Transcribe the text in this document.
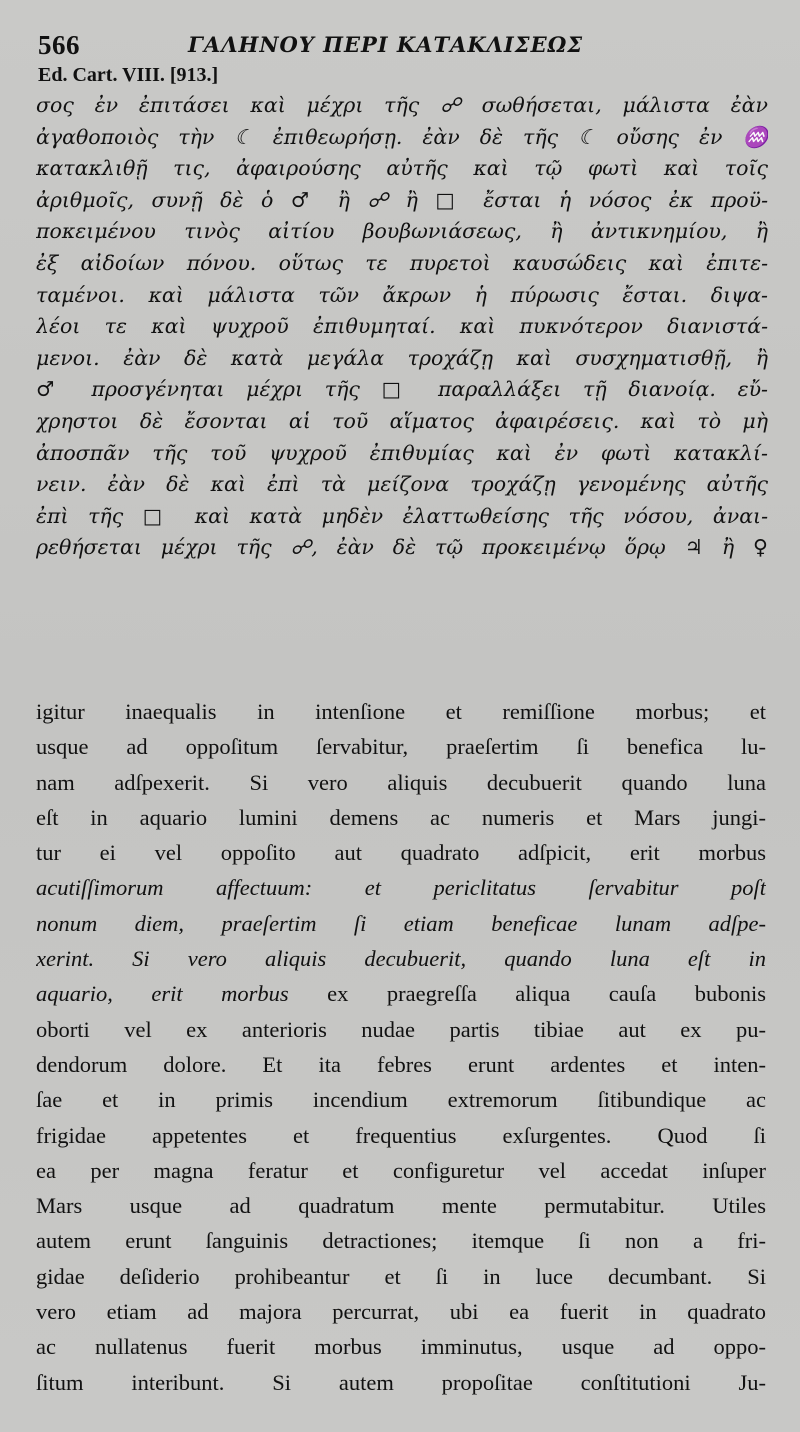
566	ΓΑΛΗΝΟΥ ΠΕΡΙ ΚΑΤΑΚΛΙΣΕΩΣ
Ed. Cart. VIII. [913.]
σος ἐν ἐπιτάσει καὶ μέχρι τῆς ☍ σωθήσεται, μάλιστα ἐὰν
ἀγαθοποιὸς τὴν ☾ ἐπιθεωρήσῃ. ἐὰν δὲ τῆς ☾ οὔσης ἐν ♒
κατακλιθῇ τις, ἀφαιρούσης αὐτῆς καὶ τῷ φωτὶ καὶ τοῖς
ἀριθμοῖς, συνῇ δὲ ὁ ♂ ἢ ☍ ἢ □ ἔσται ἡ νόσος ἐκ προϋ-
ποκειμένου τινὸς αἰτίου βουβωνιάσεως, ἢ ἀντικνημίου, ἢ
ἐξ αἰδοίων πόνου. οὕτως τε πυρετοὶ καυσώδεις καὶ ἐπιτε-
ταμένοι. καὶ μάλιστα τῶν ἄκρων ἡ πύρωσις ἔσται. διψα-
λέοι τε καὶ ψυχροῦ ἐπιθυμηταί. καὶ πυκνότερον διανιστά-
μενοι. ἐὰν δὲ κατὰ μεγάλα τροχάζῃ καὶ συσχηματισθῇ, ἢ
♂ προσγένηται μέχρι τῆς □ παραλλάξει τῇ διανοίᾳ. εὔ-
χρηστοι δὲ ἔσονται αἱ τοῦ αἵματος ἀφαιρέσεις. καὶ τὸ μὴ
ἀποσπᾶν τῆς τοῦ ψυχροῦ ἐπιθυμίας καὶ ἐν φωτὶ κατακλί-
νειν. ἐὰν δὲ καὶ ἐπὶ τὰ μείζονα τροχάζῃ γενομένης αὐτῆς
ἐπὶ τῆς □ καὶ κατὰ μηδὲν ἐλαττωθείσης τῆς νόσου, ἀναι-
ρεθήσεται μέχρι τῆς ☍, ἐὰν δὲ τῷ προκειμένῳ ὅρῳ ♃ ἢ ♀
igitur inaequalis in intenſione et remiſſione morbus; et
usque ad oppoſitum ſervabitur, praeſertim ſi benefica lu-
nam adſpexerit. Si vero aliquis decubuerit quando luna
eſt in aquario lumini demens ac numeris et Mars jungi-
tur ei vel oppoſito aut quadrato adſpicit, erit morbus
acutiſſimorum affectuum: et periclitatus ſervabitur poſt
nonum diem, praeſertim ſi etiam beneficae lunam adſpe-
xerint. Si vero aliquis decubuerit, quando luna eſt in
aquario, erit morbus ex praegreſſa aliqua cauſa bubonis
oborti vel ex anterioris nudae partis tibiae aut ex pu-
dendorum dolore. Et ita febres erunt ardentes et inten-
ſae et in primis incendium extremorum ſitibundique ac
frigidae appetentes et frequentius exſurgentes. Quod ſi
ea per magna feratur et configuretur vel accedat inſuper
Mars usque ad quadratum mente permutabitur. Utiles
autem erunt ſanguinis detractiones; itemque ſi non a fri-
gidae deſiderio prohibeantur et ſi in luce decumbant. Si
vero etiam ad majora percurrat, ubi ea fuerit in quadrato
ac nullatenus fuerit morbus imminutus, usque ad oppo-
ſitum interibunt. Si autem propoſitae conſtitutioni Ju-
